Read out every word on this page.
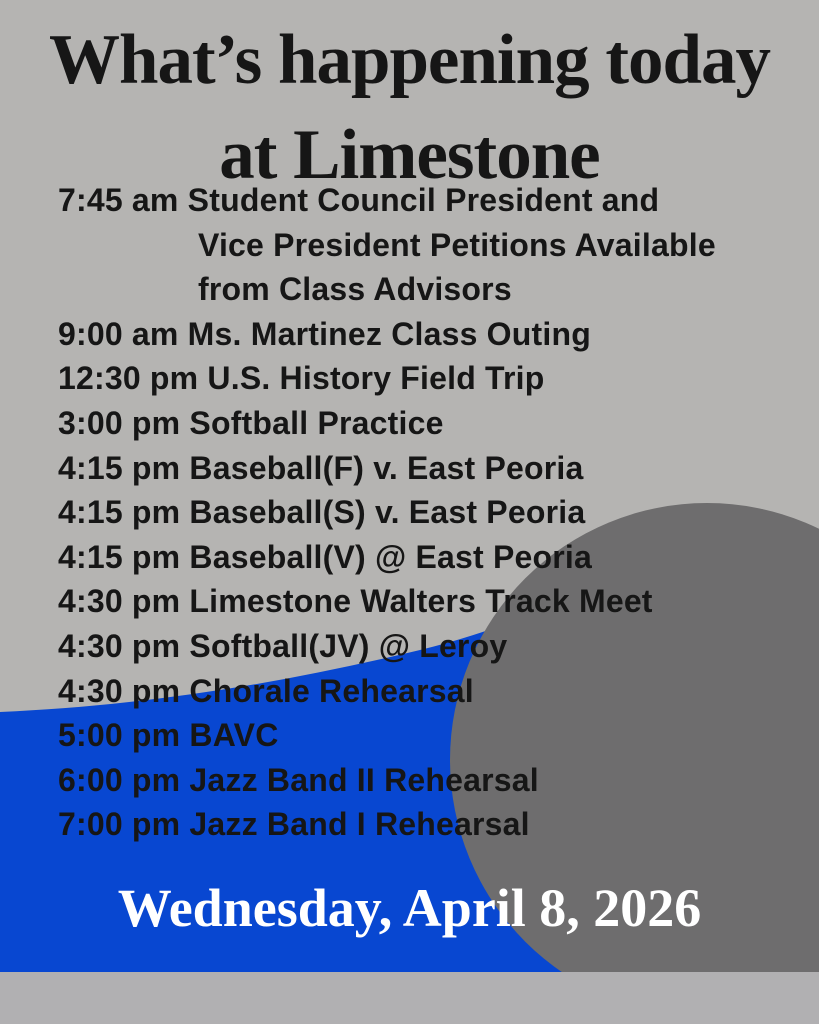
What’s happening today
at Limestone
7:45 am Student Council President and
Vice President Petitions Available
from Class Advisors
9:00 am Ms. Martinez Class Outing
12:30 pm U.S. History Field Trip
3:00 pm Softball Practice
4:15 pm Baseball(F) v. East Peoria
4:15 pm Baseball(S) v. East Peoria
4:15 pm Baseball(V) @ East Peoria
4:30 pm Limestone Walters Track Meet
4:30 pm Softball(JV) @ Leroy
4:30 pm Chorale Rehearsal
5:00 pm BAVC
6:00 pm Jazz Band II Rehearsal
7:00 pm Jazz Band I Rehearsal
Wednesday, April 8, 2026
